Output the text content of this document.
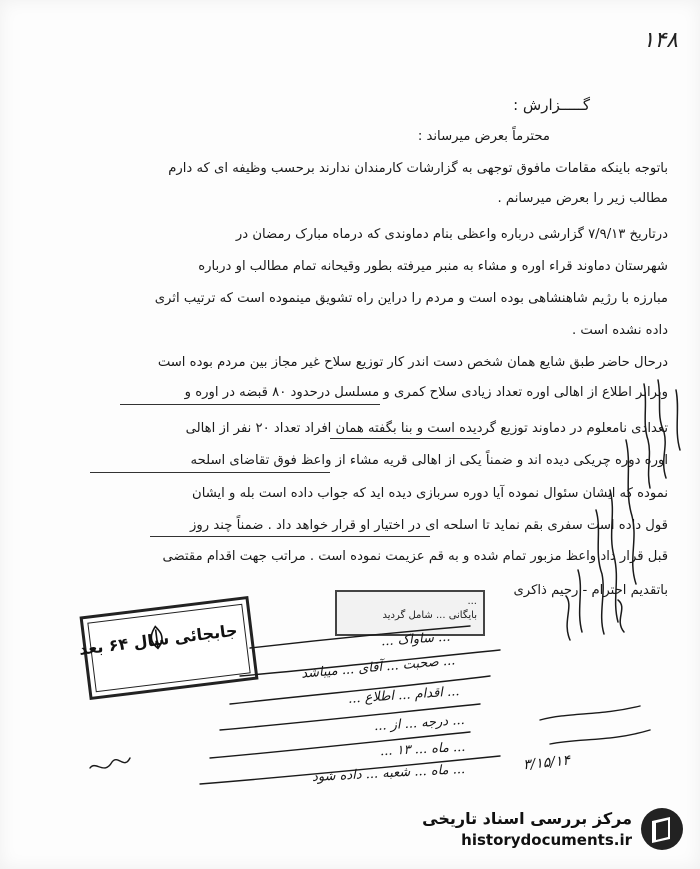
۱۴۸
گـــــزارش :
محترماً بعرض میرساند :
باتوجه باینکه مقامات مافوق توجهی به گزارشات کارمندان ندارند برحسب وظیفه ای که دارم
مطالب زیر را بعرض میرسانم .
درتاریخ ۷/۹/۱۳ گزارشی درباره واعظی بنام دماوندی که درماه مبارک رمضان در
شهرستان دماوند قراء اوره و مشاء به منبر میرفته بطور وقیحانه تمام مطالب او درباره
مبارزه با رژیم شاهنشاهی بوده است و مردم را دراین راه تشویق مینموده است که ترتیب اثری
داده نشده است .
درحال حاضر طبق شایع همان شخص دست اندر کار توزیع سلاح غیر مجاز بین مردم بوده است
وبرابر اطلاع از اهالی اوره تعداد زیادی سلاح کمری و مسلسل درحدود ۸۰ قبضه در اوره و
تعدادی نامعلوم در دماوند توزیع گردیده است و بنا بگفته همان افراد تعداد ۲۰ نفر از اهالی
اوره دوره چریکی دیده اند و ضمناً یکی از اهالی قریه مشاء از واعظ فوق تقاضای اسلحه
نموده که ایشان سئوال نموده آیا دوره سربازی دیده اید که جواب داده است بله و ایشان
قول داده است سفری بقم نماید تا اسلحه ای در اختیار او قرار خواهد داد . ضمناً چند روز
قبل قرار داد واعظ مزبور تمام شده و به قم عزیمت نموده است . مراتب جهت اقدام مقتضی
باتقدیم احترام - رحیم ذاکری
...
بایگانی ... شامل گردید
جابجائی سال ۶۴ بعد	... ساواک ...
... صحبت ... آقای ... میباشد
... اقدام ... اطلاع ...
... درجه ... از ...
... ماه ... ۱۳ ...
... ماه ... شعبه ... داده شود	۳/۱۵/۱۴
مرکز بررسی اسناد تاریخی
historydocuments.ir
